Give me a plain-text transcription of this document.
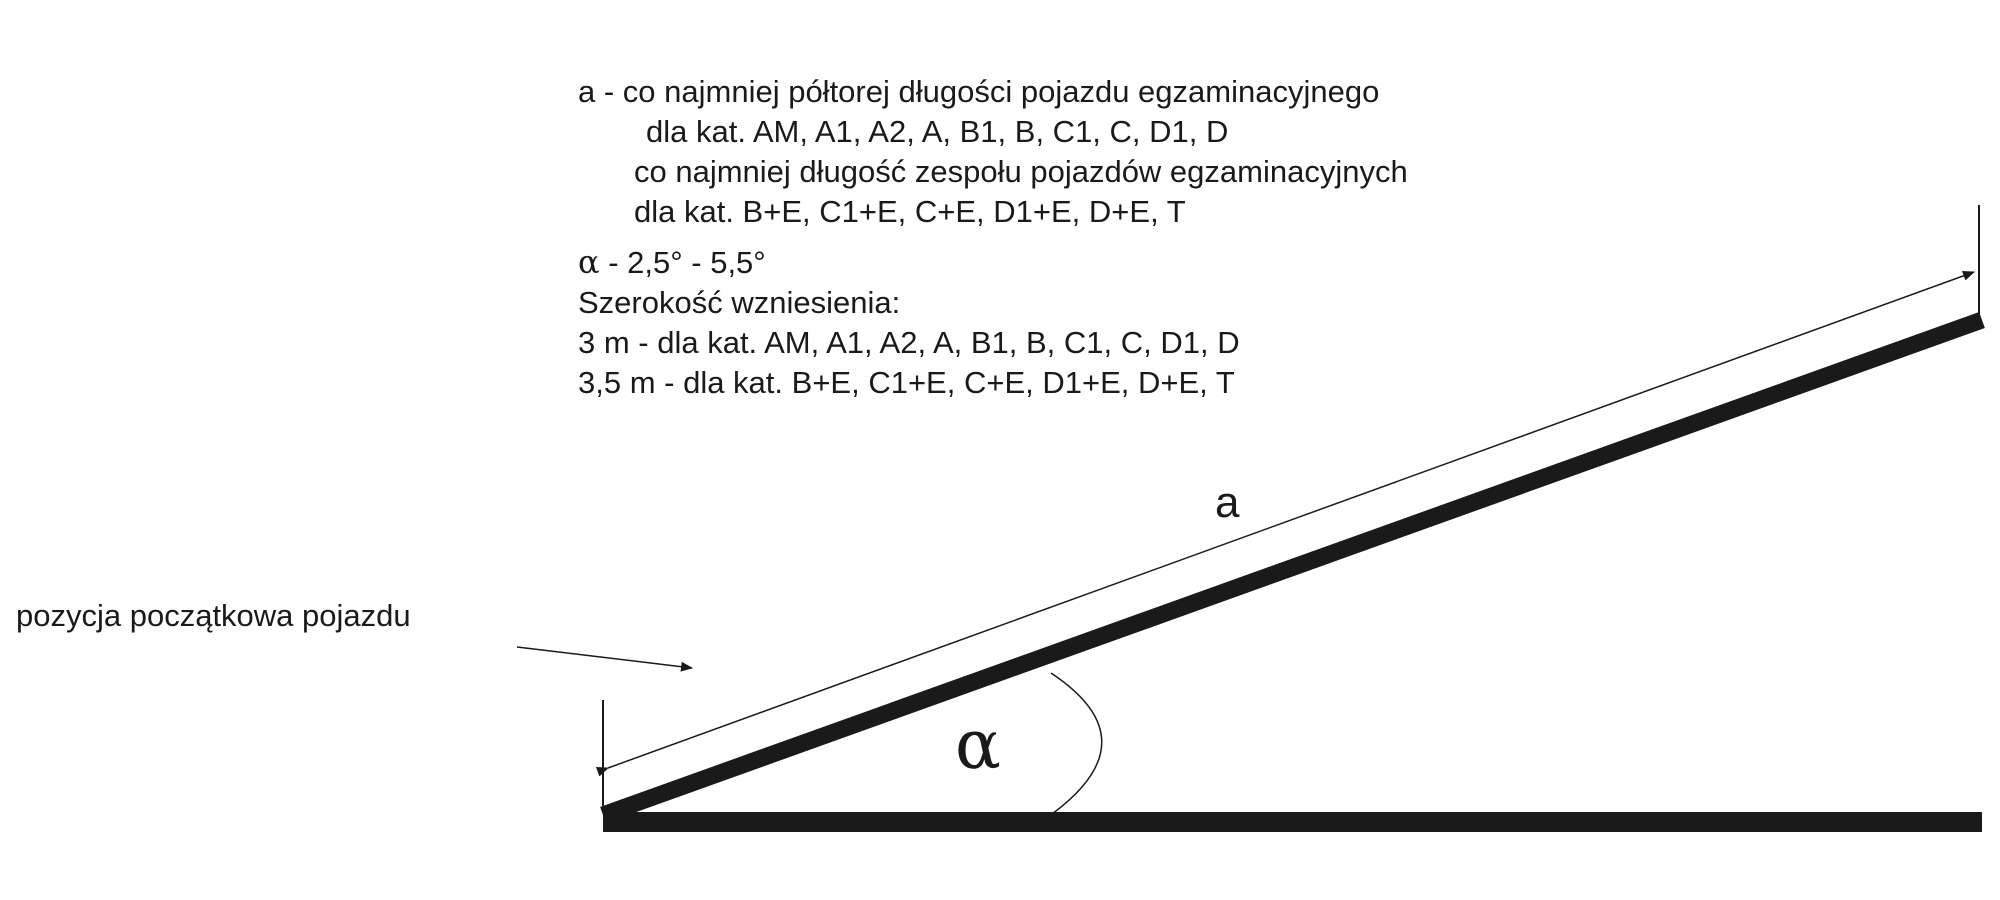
a - co najmniej półtorej długości pojazdu egzaminacyjnego
dla kat. AM, A1, A2, A, B1, B, C1, C, D1, D
co najmniej długość zespołu pojazdów egzaminacyjnych
dla kat. B+E, C1+E, C+E, D1+E, D+E, T
α - 2,5° - 5,5°
Szerokość wzniesienia:
3 m - dla kat. AM, A1, A2, A, B1, B, C1, C, D1, D
3,5 m - dla kat. B+E, C1+E, C+E, D1+E, D+E, T
pozycja początkowa pojazdu
a
α
